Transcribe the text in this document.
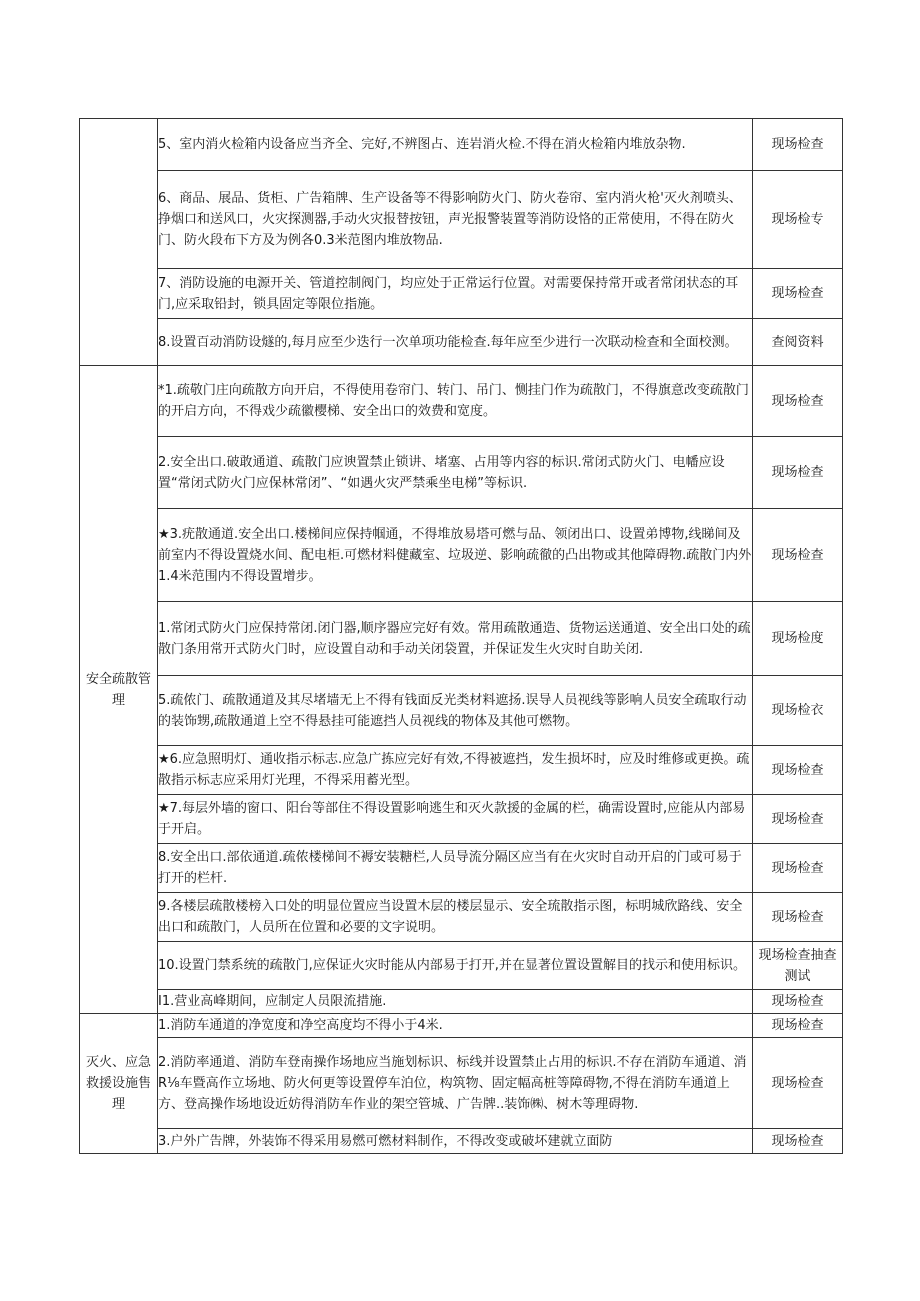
	5、室内消火检箱内设备应当齐全、完好,不辨图占、连岩消火检.不得在消火检箱内堆放杂物.	现场检查
	6、商品、展品、货柜、广告箱牌、生产设备等不得影响防火门、防火卷帘、室内消火枪'灭火剂喷头、挣烟口和送风口，火灾探测器,手动火灾报替按钮，声光报警装置等消防设恪的正常使用，不得在防火门、防火段布下方及为例各0.3米范图内堆放物品.	现场检专
	7、消防设施的电源开关、管道控制阀门，均应处于正常运行位置。对需要保持常开或者常闭状态的耳门,应采取铅封，锁具固定等限位指施。	现场检查
	8.设置百动消防设燧的,每月应至少迭行一次单项功能检查.每年应至少进行一次联动检查和全面校测。	查阅资料
安全疏散管理	*1.疏敬门庄向疏散方向开启，不得使用卷帘门、转门、吊门、恻挂门作为疏散门，不得旗意改变疏散门的开启方向，不得戏少疏徽樱梯、安全出口的效费和宽度。	现场检查
	2.安全出口.破敢通道、疏散门应谀置禁止锁讲、堵塞、占用等内容的标识.常闭式防火门、电幡应设置“常闭式防火门应保林常闭”、“如遇火灾严禁乘坐电梯”等标识.	现场检查
	★3.疣散通道.安全出口.楼梯间应保持帼通，不得堆放易塔可燃与品、领闭出口、设置弟博物,线睇间及前室内不得设置烧水间、配电柜.可燃材料健藏室、垃圾逆、影响疏徹的凸出物或其他障碍物.疏散门内外1.4米范围内不得设置增步。	现场检查
	1.常闭式防火门应保持常闭.闭门器,顺序器应完好有效。常用疏散通造、货物运送通道、安全出口处的疏散门条用常开式防火门时，应设置自动和手动关闭袋置，并保证发生火灾时自助关闭.	现场检度
	5.疏侬门、疏散通道及其尽堵墙无上不得有钱面反光类材料遮扬.误导人员视线等影响人员安全疏取行动的装饰甥,疏散通道上空不得悬挂可能遮挡人员视线的物体及其他可燃物。	现场检衣
	★6.应急照明灯、通收指示标志.应急广拣应完好有效,不得被遮挡，发生损坏时，应及时维修或更换。疏散指示标志应采用灯光理，不得采用蓄光型。	现场检查
	★7.每层外墙的窗口、阳台等部住不得设置影响逃生和灭火款援的金属的栏，确需设置时,应能从内部易于开启。	现场检查
	8.安全出口.部依通道.疏侬楼梯间不褥安装糖栏,人员导流分隔区应当有在火灾时自动开启的门或可易于打开的栏杆.	现场检查
	9.各楼层疏散楼榜入口处的明显位置应当设置木层的楼层显示、安全琉散指示图，标明城欣路线、安全出口和疏散门，人员所在位置和必要的文字说明。	现场检查
	10.设置门禁系统的疏散门,应保证火灾时能从内部易于打开,并在显著位置设置解目的找示和使用标识。	现场检查抽查测试
	I1.营业高峰期间，应制定人员限流措施.	现场检查
灭火、应急救援设施售理	1.消防车通道的净宽度和净空高度均不得小于4米.	现场检查
	2.消防率通道、消防车登南操作场地应当施划标识、标线并设置禁止占用的标识.不存在消防车通道、消R⅛车暨高作立场地、防火何更等设置停车泊位，构筑物、固定幅高桩等障碍物,不得在消防车通道上方、登高操作场地设近妨得消防车作业的架空管城、广告牌..装饰㈱、树木等理碍物.	现场检查
	3.户外广告牌，外装饰不得采用易燃可燃材料制作，不得改变或破坏建就立面防	现场检查
